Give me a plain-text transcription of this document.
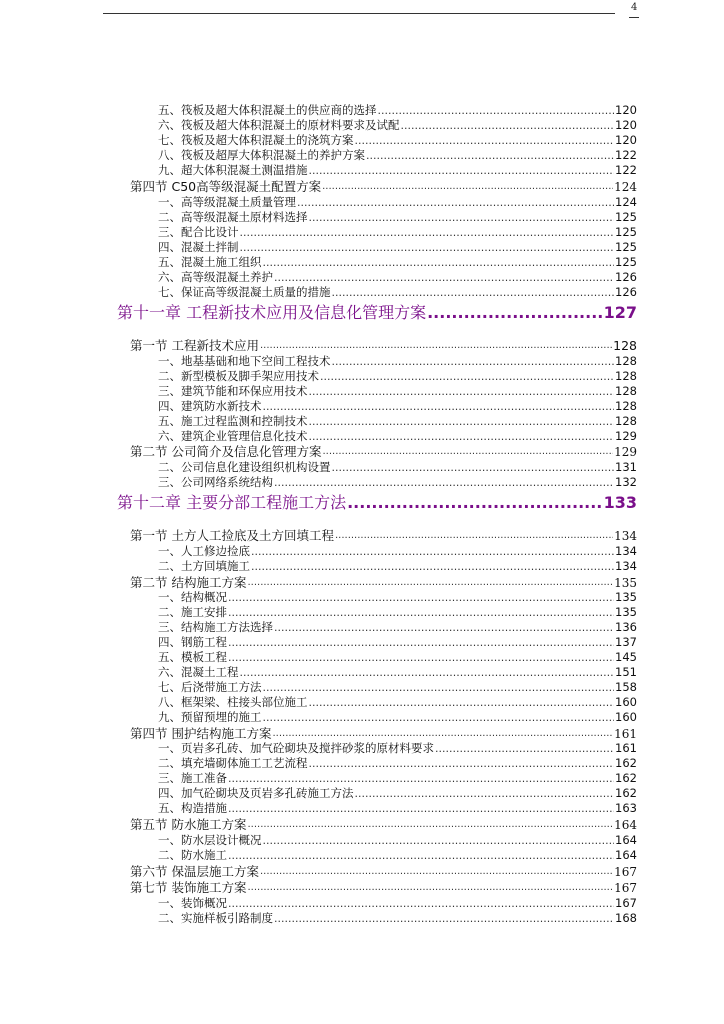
4
五、筏板及超大体积混凝土的供应商的选择 .....	120
六、筏板及超大体积混凝土的原材料要求及试配 .....	120
七、筏板及超大体积混凝土的浇筑方案 .....	120
八、筏板及超厚大体积混凝土的养护方案 .....	122
九、超大体积混凝土测温措施 .....	122
第四节 C50高等级混凝土配置方案 .....	124
一、高等级混凝土质量管理 .....	124
二、高等级混凝土原材料选择 .....	125
三、配合比设计 .....	125
四、混凝土拌制 .....	125
五、混凝土施工组织 .....	125
六、高等级混凝土养护 .....	126
七、保证高等级混凝土质量的措施 .....	126
第十一章 工程新技术应用及信息化管理方案 .....	127
第一节 工程新技术应用 .....	128
一、地基基础和地下空间工程技术 .....	128
二、新型模板及脚手架应用技术 .....	128
三、建筑节能和环保应用技术 .....	128
四、建筑防水新技术 .....	128
五、施工过程监测和控制技术 .....	128
六、建筑企业管理信息化技术 .....	129
第二节 公司简介及信息化管理方案 .....	129
二、公司信息化建设组织机构设置 .....	131
三、公司网络系统结构 .....	132
第十二章 主要分部工程施工方法 .....	133
第一节 土方人工捡底及土方回填工程 .....	134
一、人工修边捡底 .....	134
二、土方回填施工 .....	134
第二节 结构施工方案 .....	135
一、结构概况 .....	135
二、施工安排 .....	135
三、结构施工方法选择 .....	136
四、钢筋工程 .....	137
五、模板工程 .....	145
六、混凝土工程 .....	151
七、后浇带施工方法 .....	158
八、框架梁、柱接头部位施工 .....	160
九、预留预埋的施工 .....	160
第四节 围护结构施工方案 .....	161
一、页岩多孔砖、加气砼砌块及搅拌砂浆的原材料要求 .....	161
二、填充墙砌体施工工艺流程 .....	162
三、施工准备 .....	162
四、加气砼砌块及页岩多孔砖施工方法 .....	162
五、构造措施 .....	163
第五节 防水施工方案 .....	164
一、防水层设计概况 .....	164
二、防水施工 .....	164
第六节 保温层施工方案 .....	167
第七节 装饰施工方案 .....	167
一、装饰概况 .....	167
二、实施样板引路制度 .....	168
